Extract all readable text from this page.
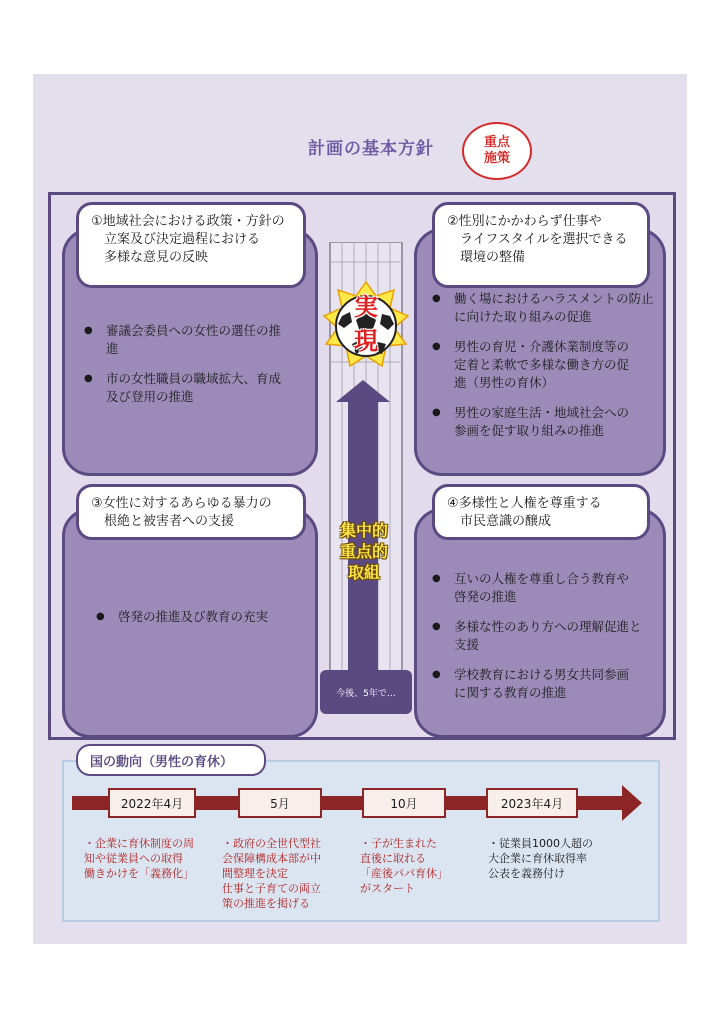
計画の基本方針	重点
施策
①地域社会における政策・方針の
　立案及び決定過程における
　多様な意見の反映
● 審議会委員への女性の選任の推
進
● 市の女性職員の職域拡大、育成
及び登用の推進
②性別にかかわらず仕事や
　ライフスタイルを選択できる
　環境の整備
● 働く場におけるハラスメントの防止
に向けた取り組みの促進
● 男性の育児・介護休業制度等の
定着と柔軟で多様な働き方の促
進（男性の育休）
● 男性の家庭生活・地域社会への
参画を促す取り組みの推進
③女性に対するあらゆる暴力の
　根絶と被害者への支援
● 啓発の推進及び教育の充実
④多様性と人権を尊重する
　市民意識の醸成
● 互いの人権を尊重し合う教育や
啓発の推進
● 多様な性のあり方への理解促進と
支援
● 学校教育における男女共同参画
に関する教育の推進
実
現
集中的
重点的
取組
今後、5年で…
国の動向（男性の育休）
2022年4月	5月	10月	2023年4月
・企業に育休制度の周
知や従業員への取得
働きかけを「義務化」
・政府の全世代型社
会保障構成本部が中
間整理を決定
仕事と子育ての両立
策の推進を掲げる
・子が生まれた
直後に取れる
「産後パパ育休」
がスタート
・従業員1000人超の
大企業に育休取得率
公表を義務付け
